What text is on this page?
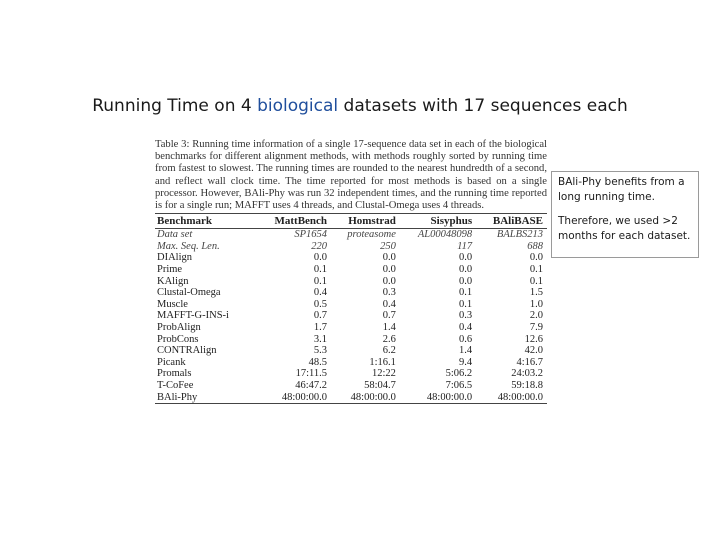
Running Time on 4 biological datasets with 17 sequences each

Table 3: Running time information of a single 17-sequence data set in each of the biological benchmarks for different alignment methods, with methods roughly sorted by running time from fastest to slowest. The running times are rounded to the nearest hundredth of a second, and reflect wall clock time. The time reported for most methods is based on a single processor. However, BAli-Phy was run 32 independent times, and the running time reported is for a single run; MAFFT uses 4 threads, and Clustal-Omega uses 4 threads.

Benchmark	MattBench	Homstrad	Sisyphus	BAliBASE
Data set	SP1654	proteasome	AL00048098	BALBS213
Max. Seq. Len.	220	250	117	688
DIAlign	0.0	0.0	0.0	0.0
Prime	0.1	0.0	0.0	0.1
KAlign	0.1	0.0	0.0	0.1
Clustal-Omega	0.4	0.3	0.1	1.5
Muscle	0.5	0.4	0.1	1.0
MAFFT-G-INS-i	0.7	0.7	0.3	2.0
ProbAlign	1.7	1.4	0.4	7.9
ProbCons	3.1	2.6	0.6	12.6
CONTRAlign	5.3	6.2	1.4	42.0
Picank	48.5	1:16.1	9.4	4:16.7
Promals	17:11.5	12:22	5:06.2	24:03.2
T-CoFee	46:47.2	58:04.7	7:06.5	59:18.8
BAli-Phy	48:00:00.0	48:00:00.0	48:00:00.0	48:00:00.0

BAli-Phy benefits from a long running time.

Therefore, we used >2 months for each dataset.
